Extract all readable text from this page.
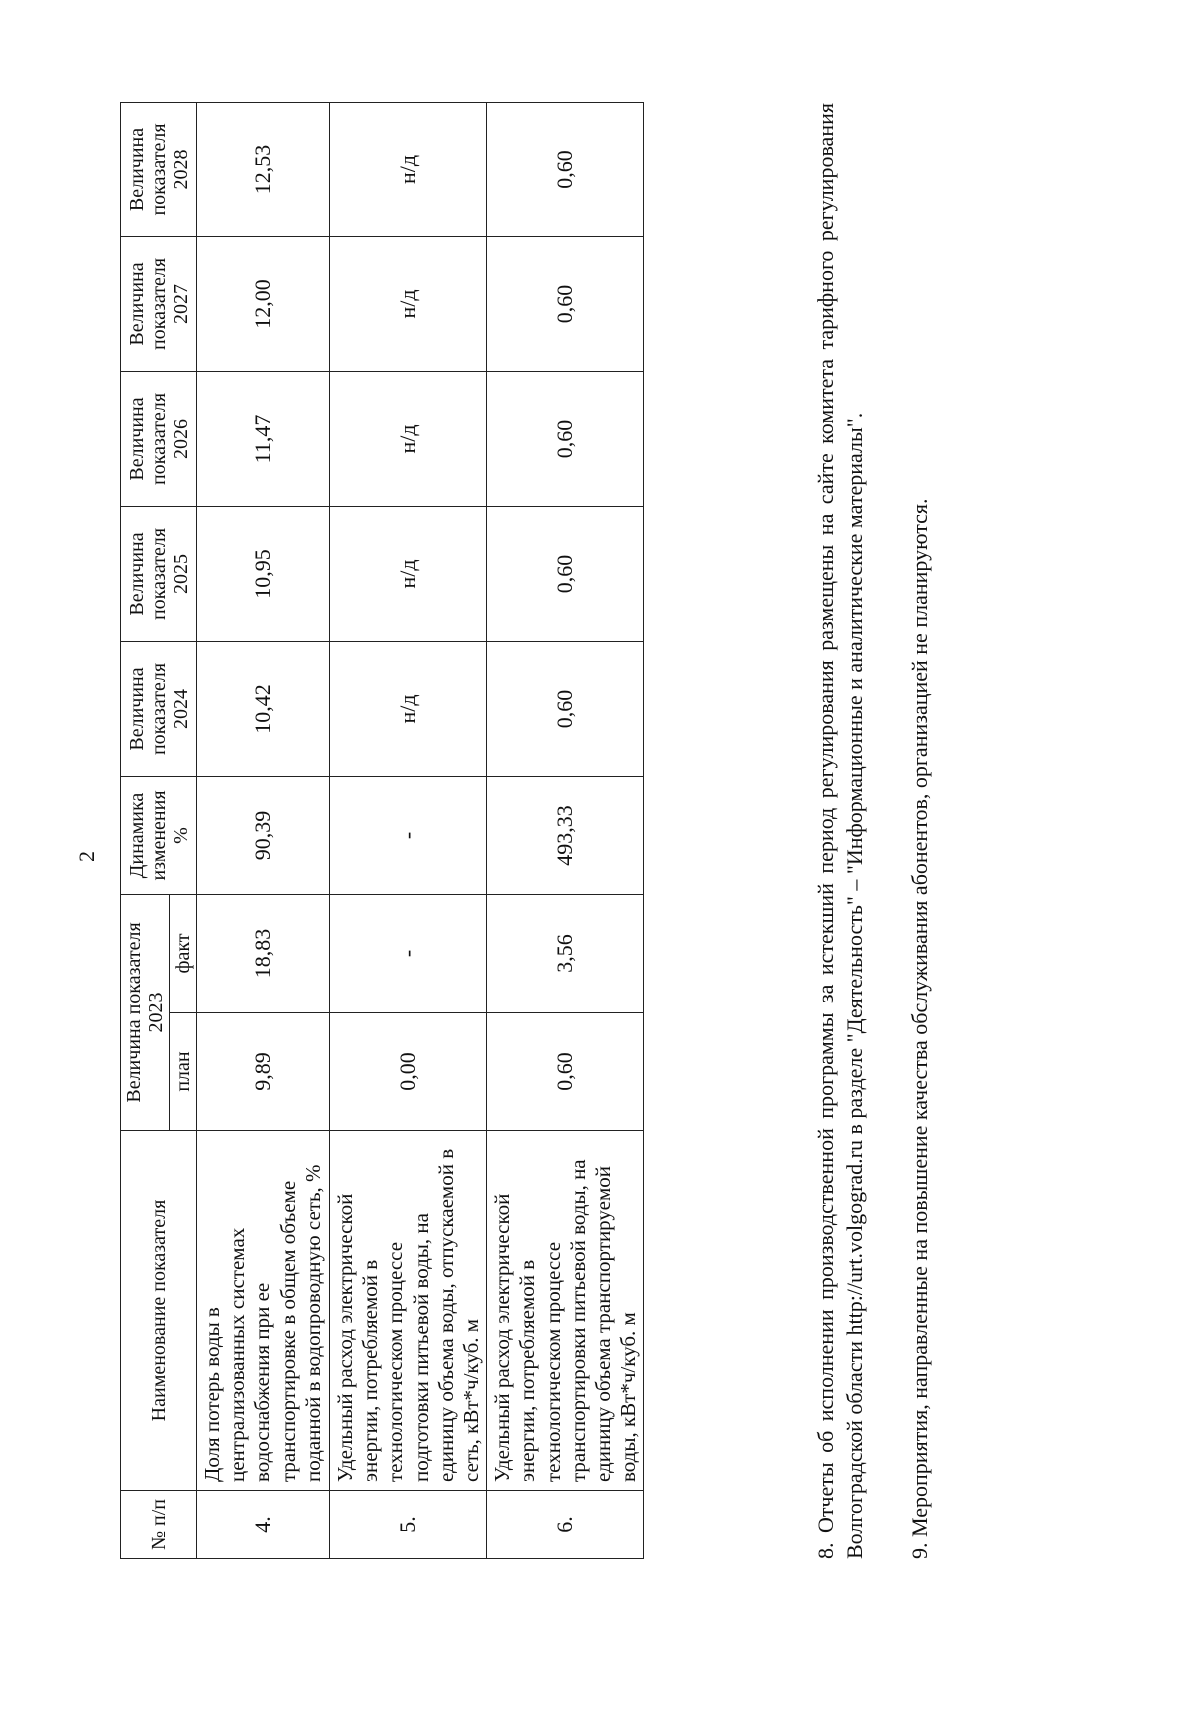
2
№ п/п	Наименование показателя	Величина показателя 2023		Динамика изменения %	Величина показателя 2024	Величина показателя 2025	Величина показателя 2026	Величина показателя 2027	Величина показателя 2028
		план	факт						
4.	Доля потерь воды в централизованных системах водоснабжения при ее транспортировке в общем объеме поданной в водопроводную сеть, %	9,89	18,83	90,39	10,42	10,95	11,47	12,00	12,53
5.	Удельный расход электрической энергии, потребляемой в технологическом процессе подготовки питьевой воды, на единицу объема воды, отпускаемой в сеть, кВт*ч/куб. м	0,00	-	-	н/д	н/д	н/д	н/д	н/д
6.	Удельный расход электрической энергии, потребляемой в технологическом процессе транспортировки питьевой воды, на единицу объема транспортируемой воды, кВт*ч/куб. м	0,60	3,56	493,33	0,60	0,60	0,60	0,60	0,60	8. Отчеты об исполнении производственной программы за истекший период регулирования размещены на сайте комитета тарифного регулирования Волгоградской области http://urt.volgograd.ru в разделе "Деятельность" – "Информационные и аналитические материалы". 9. Мероприятия, направленные на повышение качества обслуживания абонентов, организацией не планируются.
